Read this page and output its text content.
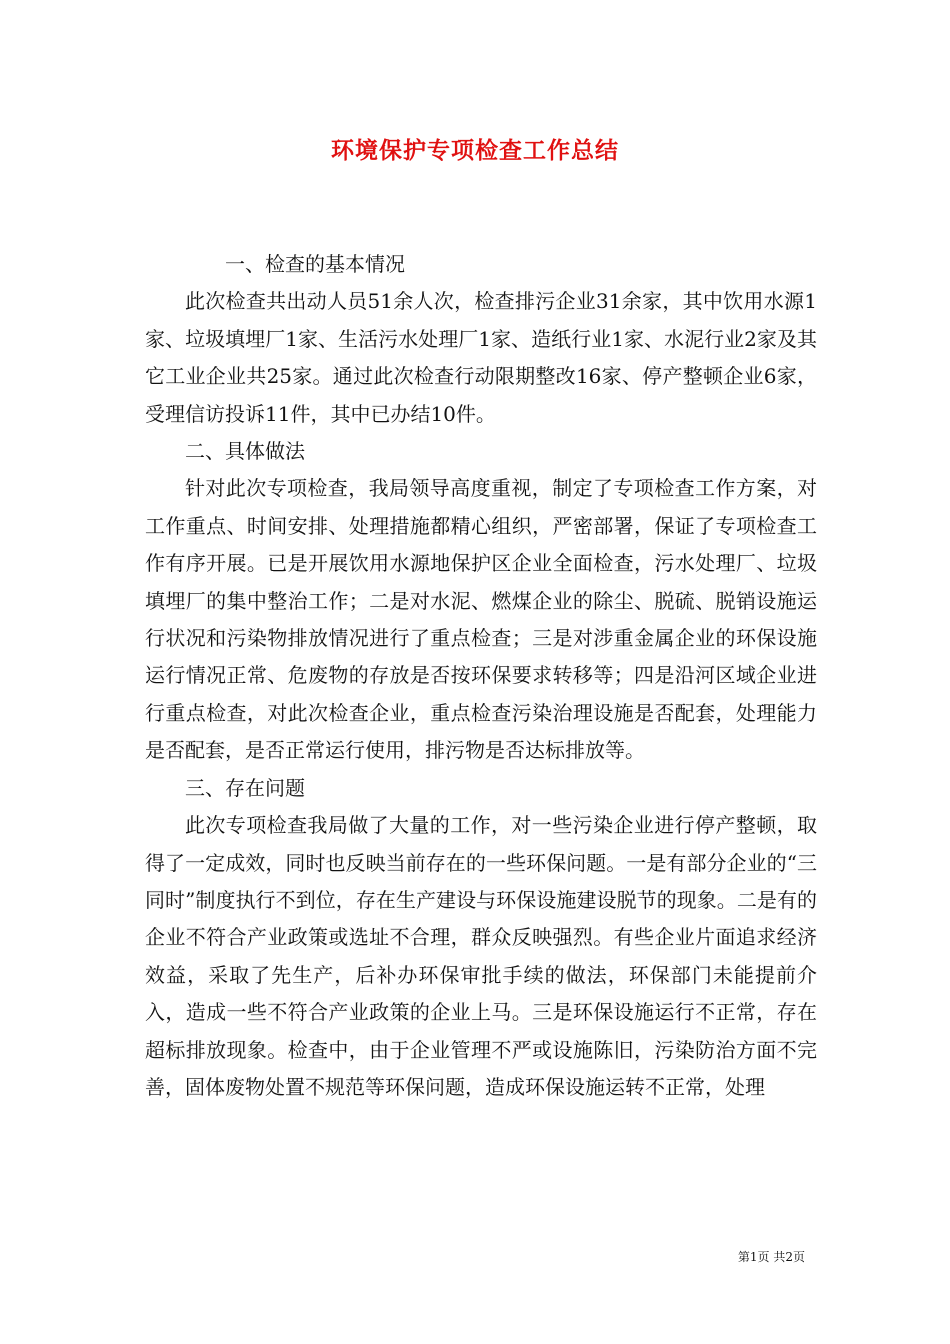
环境保护专项检查工作总结

一、检查的基本情况

此次检查共出动人员51余人次，检查排污企业31余家，其中饮用水源1家、垃圾填埋厂1家、生活污水处理厂1家、造纸行业1家、水泥行业2家及其它工业企业共25家。通过此次检查行动限期整改16家、停产整顿企业6家，受理信访投诉11件，其中已办结10件。

二、具体做法

针对此次专项检查，我局领导高度重视，制定了专项检查工作方案，对工作重点、时间安排、处理措施都精心组织，严密部署，保证了专项检查工作有序开展。已是开展饮用水源地保护区企业全面检查，污水处理厂、垃圾填埋厂的集中整治工作；二是对水泥、燃煤企业的除尘、脱硫、脱销设施运行状况和污染物排放情况进行了重点检查；三是对涉重金属企业的环保设施运行情况正常、危废物的存放是否按环保要求转移等；四是沿河区域企业进行重点检查，对此次检查企业，重点检查污染治理设施是否配套，处理能力是否配套，是否正常运行使用，排污物是否达标排放等。

三、存在问题

此次专项检查我局做了大量的工作，对一些污染企业进行停产整顿，取得了一定成效，同时也反映当前存在的一些环保问题。一是有部分企业的“三同时”制度执行不到位，存在生产建设与环保设施建设脱节的现象。二是有的企业不符合产业政策或选址不合理，群众反映强烈。有些企业片面追求经济效益，采取了先生产，后补办环保审批手续的做法，环保部门未能提前介入，造成一些不符合产业政策的企业上马。三是环保设施运行不正常，存在超标排放现象。检查中，由于企业管理不严或设施陈旧，污染防治方面不完善，固体废物处置不规范等环保问题，造成环保设施运转不正常，处理

第1页 共2页
